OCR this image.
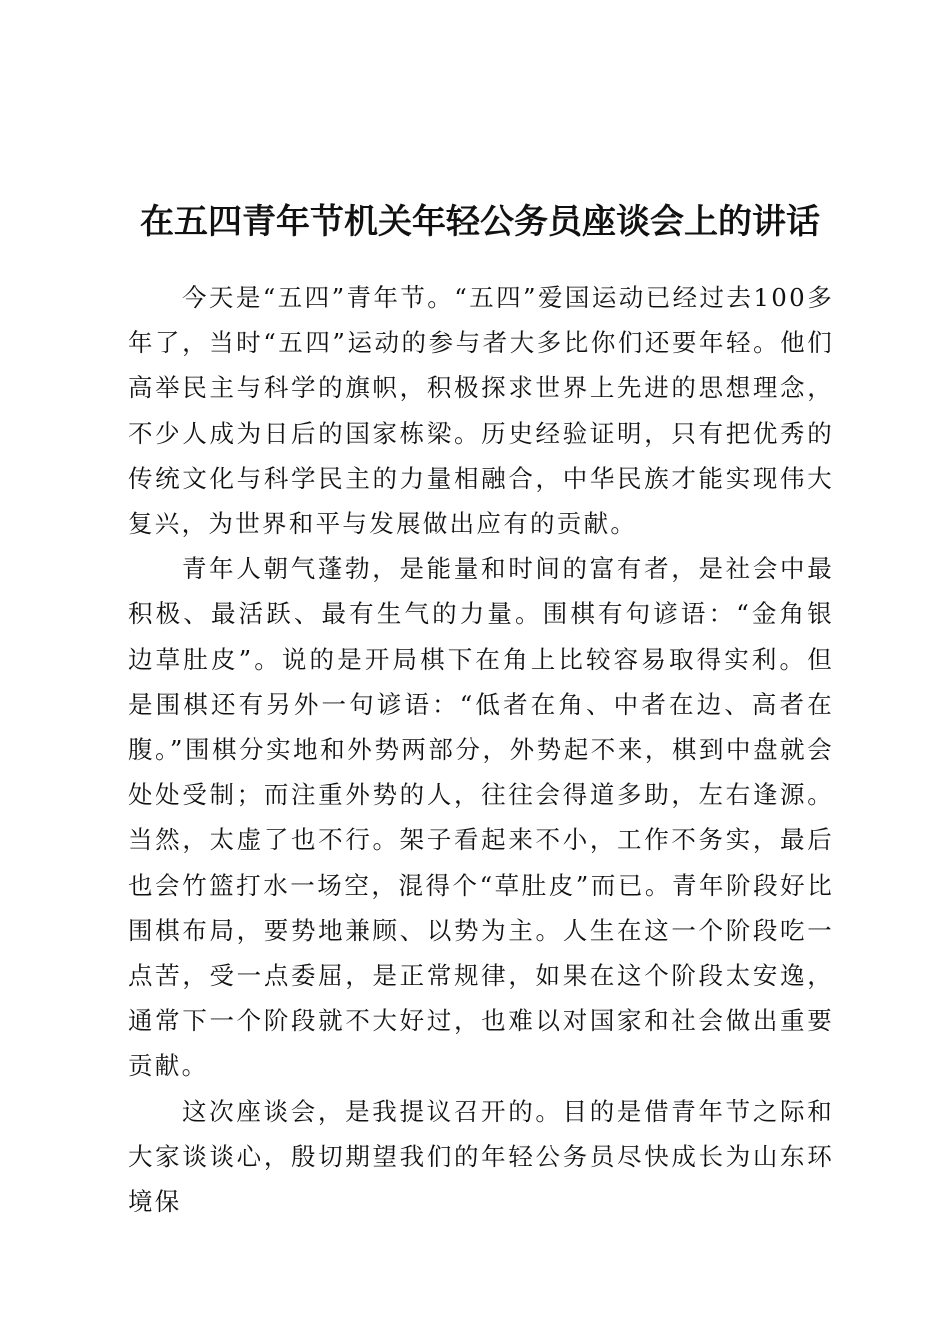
在五四青年节机关年轻公务员座谈会上的讲话

今天是“五四”青年节。“五四”爱国运动已经过去100多年了，当时“五四”运动的参与者大多比你们还要年轻。他们高举民主与科学的旗帜，积极探求世界上先进的思想理念，不少人成为日后的国家栋梁。历史经验证明，只有把优秀的传统文化与科学民主的力量相融合，中华民族才能实现伟大复兴，为世界和平与发展做出应有的贡献。

青年人朝气蓬勃，是能量和时间的富有者，是社会中最积极、最活跃、最有生气的力量。围棋有句谚语：“金角银边草肚皮”。说的是开局棋下在角上比较容易取得实利。但是围棋还有另外一句谚语：“低者在角、中者在边、高者在腹。”围棋分实地和外势两部分，外势起不来，棋到中盘就会处处受制；而注重外势的人，往往会得道多助，左右逢源。当然，太虚了也不行。架子看起来不小，工作不务实，最后也会竹篮打水一场空，混得个“草肚皮”而已。青年阶段好比围棋布局，要势地兼顾、以势为主。人生在这一个阶段吃一点苦，受一点委屈，是正常规律，如果在这个阶段太安逸，通常下一个阶段就不大好过，也难以对国家和社会做出重要贡献。

这次座谈会，是我提议召开的。目的是借青年节之际和大家谈谈心，殷切期望我们的年轻公务员尽快成长为山东环境保
